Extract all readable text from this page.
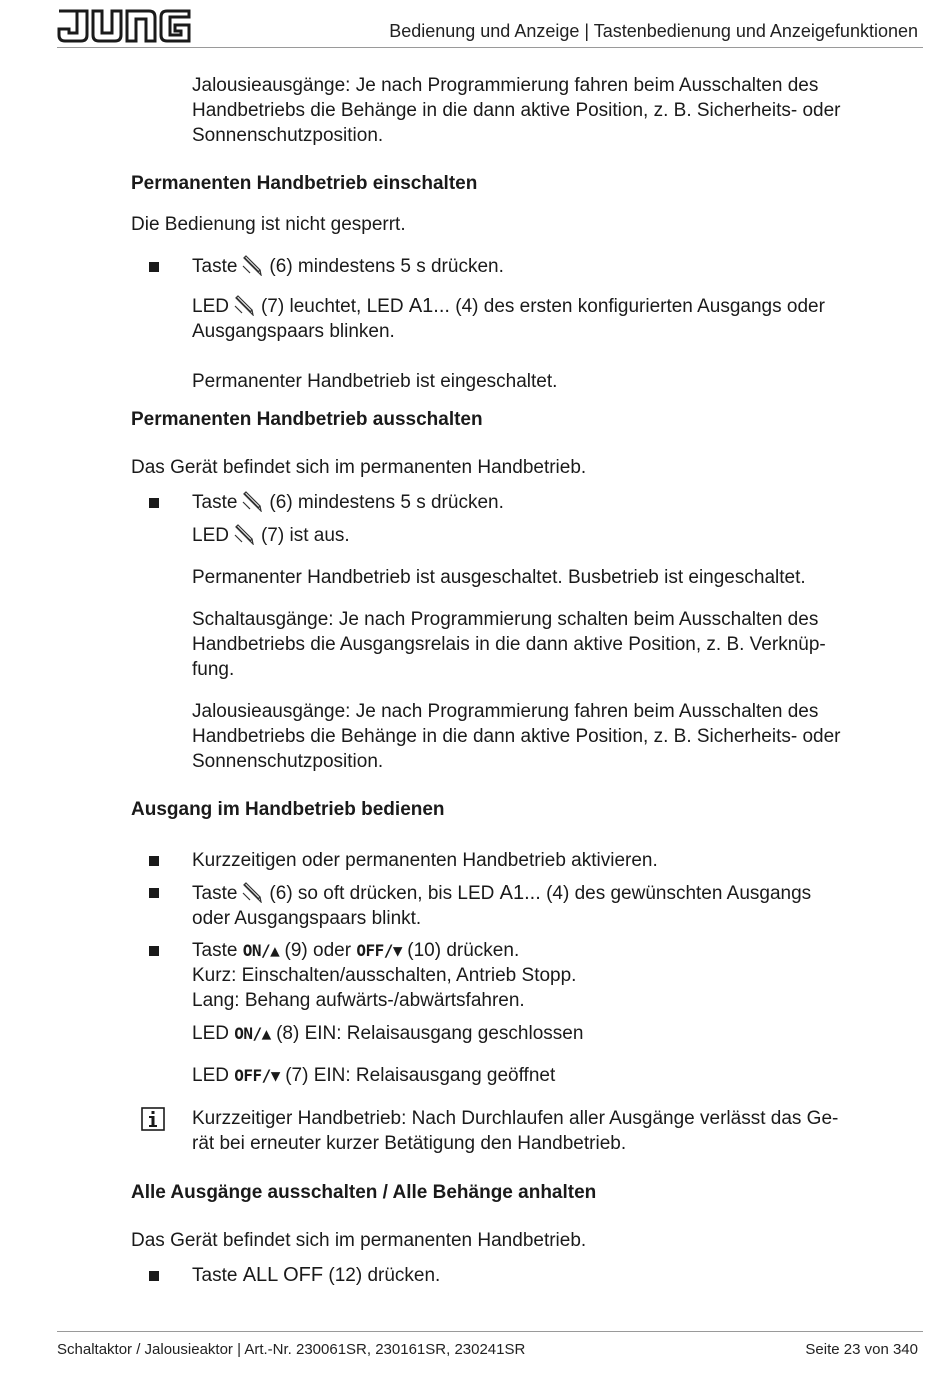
Bedienung und Anzeige | Tastenbedienung und Anzeigefunktionen
Jalousieausgänge: Je nach Programmierung fahren beim Ausschalten des
Handbetriebs die Behänge in die dann aktive Position, z. B. Sicherheits- oder
Sonnenschutzposition.
Permanenten Handbetrieb einschalten
Die Bedienung ist nicht gesperrt.
Taste (6) mindestens 5 s drücken.
LED (7) leuchtet, LED A1... (4) des ersten konfigurierten Ausgangs oder
Ausgangspaars blinken.
Permanenter Handbetrieb ist eingeschaltet.
Permanenten Handbetrieb ausschalten
Das Gerät befindet sich im permanenten Handbetrieb.
Taste (6) mindestens 5 s drücken.
LED (7) ist aus.
Permanenter Handbetrieb ist ausgeschaltet. Busbetrieb ist eingeschaltet.
Schaltausgänge: Je nach Programmierung schalten beim Ausschalten des
Handbetriebs die Ausgangsrelais in die dann aktive Position, z. B. Verknüp-
fung.
Jalousieausgänge: Je nach Programmierung fahren beim Ausschalten des
Handbetriebs die Behänge in die dann aktive Position, z. B. Sicherheits- oder
Sonnenschutzposition.
Ausgang im Handbetrieb bedienen
Kurzzeitigen oder permanenten Handbetrieb aktivieren.
Taste (6) so oft drücken, bis LED A1... (4) des gewünschten Ausgangs
oder Ausgangspaars blinkt.
Taste ON/▲ (9) oder OFF/▼ (10) drücken.
Kurz: Einschalten/ausschalten, Antrieb Stopp.
Lang: Behang aufwärts-/abwärtsfahren.
LED ON/▲ (8) EIN: Relaisausgang geschlossen
LED OFF/▼ (7) EIN: Relaisausgang geöffnet
Kurzzeitiger Handbetrieb: Nach Durchlaufen aller Ausgänge verlässt das Ge-
rät bei erneuter kurzer Betätigung den Handbetrieb.
Alle Ausgänge ausschalten / Alle Behänge anhalten
Das Gerät befindet sich im permanenten Handbetrieb.
Taste ALL OFF (12) drücken.
Schaltaktor / Jalousieaktor | Art.-Nr. 230061SR, 230161SR, 230241SR	Seite 23 von 340
